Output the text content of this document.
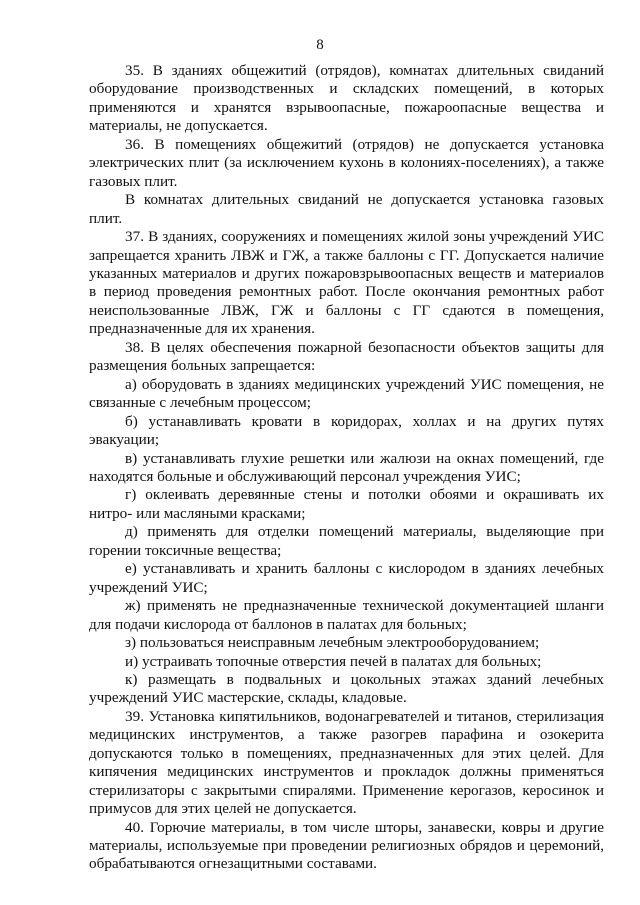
8

35. В зданиях общежитий (отрядов), комнатах длительных свиданий оборудование производственных и складских помещений, в которых применяются и хранятся взрывоопасные, пожароопасные вещества и материалы, не допускается.

36. В помещениях общежитий (отрядов) не допускается установка электрических плит (за исключением кухонь в колониях-поселениях), а также газовых плит.

В комнатах длительных свиданий не допускается установка газовых плит.

37. В зданиях, сооружениях и помещениях жилой зоны учреждений УИС запрещается хранить ЛВЖ и ГЖ, а также баллоны с ГГ. Допускается наличие указанных материалов и других пожаровзрывоопасных веществ и материалов в период проведения ремонтных работ. После окончания ремонтных работ неиспользованные ЛВЖ, ГЖ и баллоны с ГГ сдаются в помещения, предназначенные для их хранения.

38. В целях обеспечения пожарной безопасности объектов защиты для размещения больных запрещается:

а) оборудовать в зданиях медицинских учреждений УИС помещения, не связанные с лечебным процессом;

б) устанавливать кровати в коридорах, холлах и на других путях эвакуации;

в) устанавливать глухие решетки или жалюзи на окнах помещений, где находятся больные и обслуживающий персонал учреждения УИС;

г) оклеивать деревянные стены и потолки обоями и окрашивать их нитро- или масляными красками;

д) применять для отделки помещений материалы, выделяющие при горении токсичные вещества;

е) устанавливать и хранить баллоны с кислородом в зданиях лечебных учреждений УИС;

ж) применять не предназначенные технической документацией шланги для подачи кислорода от баллонов в палатах для больных;

з) пользоваться неисправным лечебным электрооборудованием;

и) устраивать топочные отверстия печей в палатах для больных;

к) размещать в подвальных и цокольных этажах зданий лечебных учреждений УИС мастерские, склады, кладовые.

39. Установка кипятильников, водонагревателей и титанов, стерилизация медицинских инструментов, а также разогрев парафина и озокерита допускаются только в помещениях, предназначенных для этих целей. Для кипячения медицинских инструментов и прокладок должны применяться стерилизаторы с закрытыми спиралями. Применение керогазов, керосинок и примусов для этих целей не допускается.

40. Горючие материалы, в том числе шторы, занавески, ковры и другие материалы, используемые при проведении религиозных обрядов и церемоний, обрабатываются огнезащитными составами.
